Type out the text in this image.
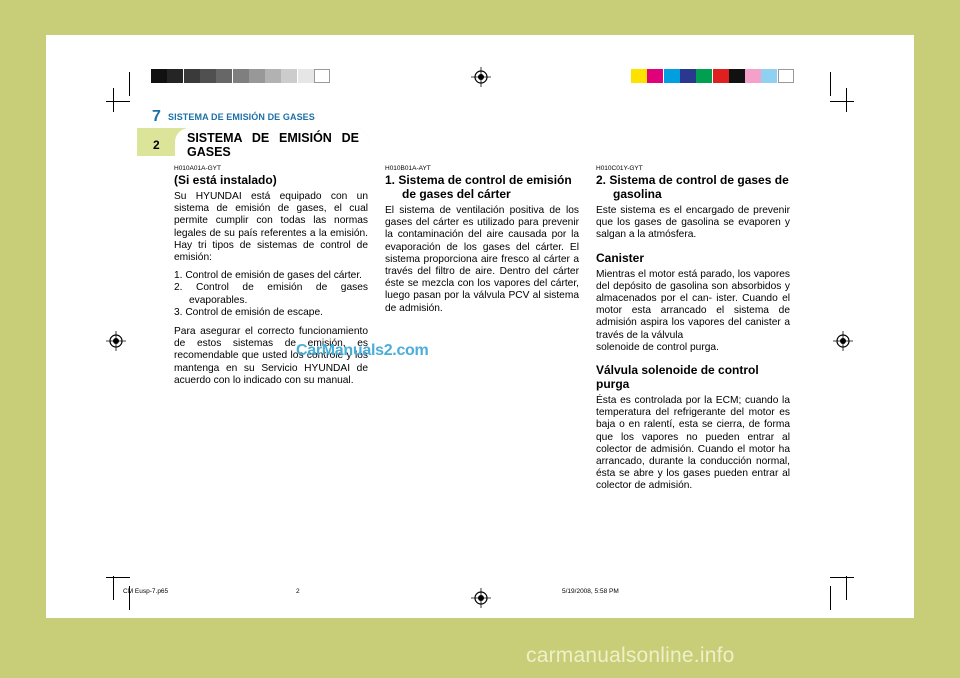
7 SISTEMA DE EMISIÓN DE GASES
2 SISTEMA DE EMISIÓN DE GASES

H010A01A-GYT

(Si está instalado)

Su HYUNDAI está equipado con un sistema de emisión de gases, el cual permite cumplir con todas las normas legales de su país referentes a la emisión. Hay tri tipos de sistemas de control de emisión:

1. Control de emisión de gases del cárter.
2. Control de emisión de gases evaporables.
3. Control de emisión de escape.

Para asegurar el correcto funcionamiento de estos sistemas de emisión, es recomendable que usted los controle y los mantenga en su Servicio HYUNDAI de acuerdo con lo indicado con su manual.

H010B01A-AYT

1. Sistema de control de emisión de gases del cárter

El sistema de ventilación positiva de los gases del cárter es utilizado para prevenir la contaminación del aire causada por la evaporación de los gases del cárter. El sistema proporciona aire fresco al cárter a través del filtro de aire. Dentro del cárter éste se mezcla con los vapores del cárter, luego pasan por la válvula PCV al sistema de admisión.

H010C01Y-GYT

2. Sistema de control de gases de gasolina

Este sistema es el encargado de prevenir que los gases de gasolina se evaporen y salgan a la atmósfera.

Canister

Mientras el motor está parado, los vapores del depósito de gasolina son absorbidos y almacenados por el can- ister. Cuando el motor esta arrancado el sistema de admisión aspira los vapores del canister a través de la válvula

solenoide de control purga.

Válvula solenoide de control purga

Ésta es controlada por la ECM; cuando la temperatura del refrigerante del motor es baja o en ralentí, esta se cierra, de forma que los vapores no pueden entrar al colector de admisión. Cuando el motor ha arrancado, durante la conducción normal, ésta se abre y los gases pueden entrar al colector de admisión.

CarManuals2.com
CM Eusp-7.p65	2	5/19/2008, 5:58 PM
carmanualsonline.info
